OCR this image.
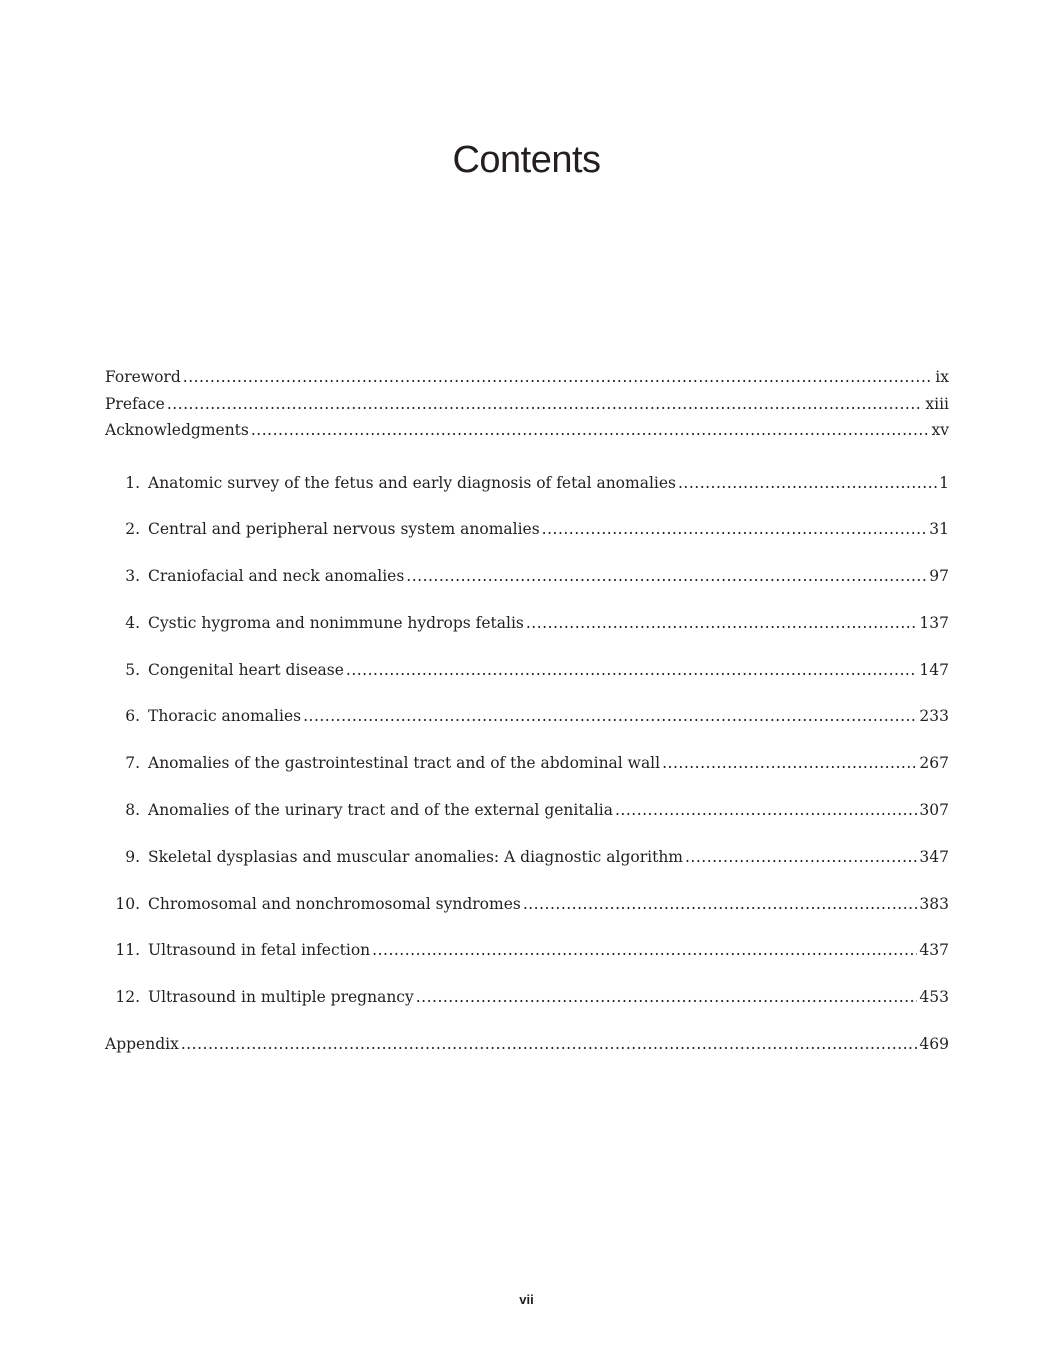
Contents
Foreword .....	ix
Preface .....	xiii
Acknowledgments .....	xv
1. Anatomic survey of the fetus and early diagnosis of fetal anomalies .....	1
2. Central and peripheral nervous system anomalies .....	31
3. Craniofacial and neck anomalies .....	97
4. Cystic hygroma and nonimmune hydrops fetalis .....	137
5. Congenital heart disease .....	147
6. Thoracic anomalies .....	233
7. Anomalies of the gastrointestinal tract and of the abdominal wall .....	267
8. Anomalies of the urinary tract and of the external genitalia .....	307
9. Skeletal dysplasias and muscular anomalies: A diagnostic algorithm .....	347
10. Chromosomal and nonchromosomal syndromes .....	383
11. Ultrasound in fetal infection .....	437
12. Ultrasound in multiple pregnancy .....	453
Appendix .....	469
vii
